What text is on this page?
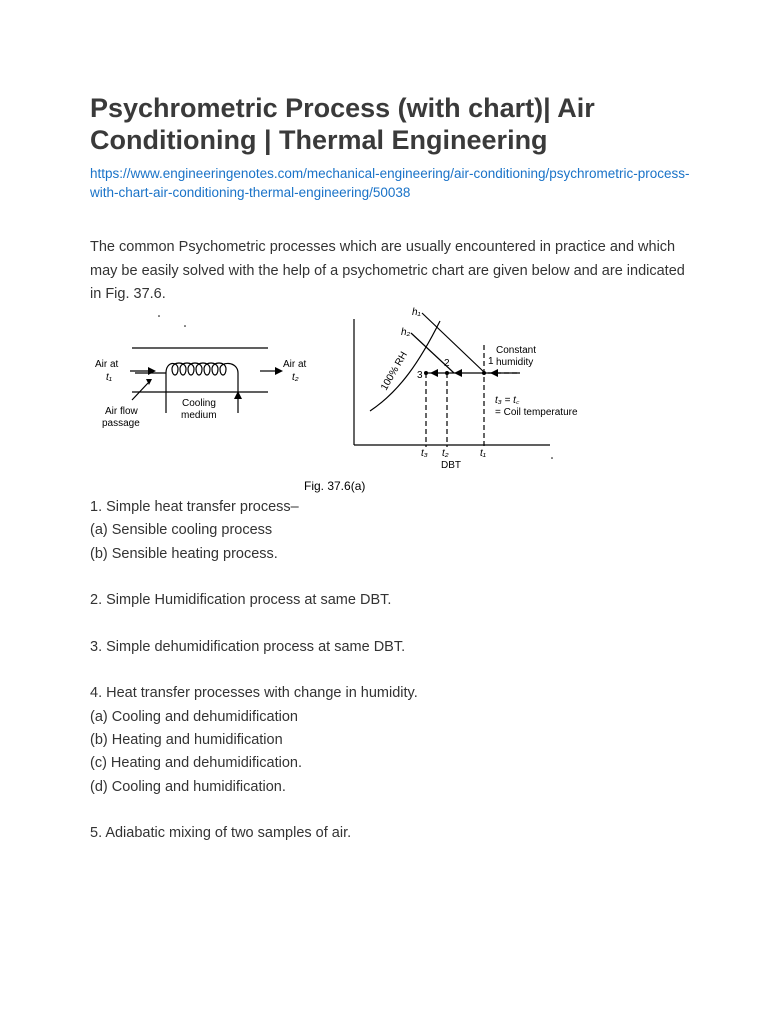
Psychrometric Process (with chart)| Air Conditioning | Thermal Engineering
https://www.engineeringenotes.com/mechanical-engineering/air-conditioning/psychrometric-process-with-chart-air-conditioning-thermal-engineering/50038

The common Psychometric processes which are usually encountered in practice and which may be easily solved with the help of a psychometric chart are given below and are indicated in Fig. 37.6.

Air at
t₁
Air at
t₂
Cooling
medium
Air flow
passage
h₁
h₂
100% RH	1
2
3
Constant
humidity
t₃ = t꜀
= Coil temperature
t₃ t₂	t₁
DBT
Fig. 37.6(a)
1. Simple heat transfer process–
(a) Sensible cooling process
(b) Sensible heating process.
2. Simple Humidification process at same DBT.
3. Simple dehumidification process at same DBT.
4. Heat transfer processes with change in humidity.
(a) Cooling and dehumidification
(b) Heating and humidification
(c) Heating and dehumidification.
(d) Cooling and humidification.
5. Adiabatic mixing of two samples of air.
